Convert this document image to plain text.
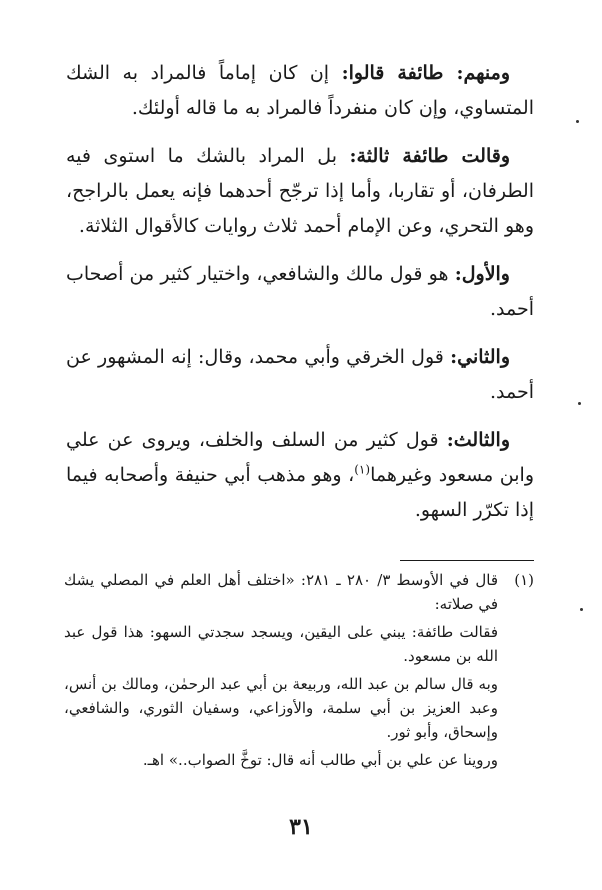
ومنهم: طائفة قالوا: إن كان إماماً فالمراد به الشك المتساوي، وإن كان منفرداً فالمراد به ما قاله أولئك.

وقالت طائفة ثالثة: بل المراد بالشك ما استوى فيه الطرفان، أو تقاربا، وأما إذا ترجّح أحدهما فإنه يعمل بالراجح، وهو التحري، وعن الإمام أحمد ثلاث روايات كالأقوال الثلاثة.

والأول: هو قول مالك والشافعي، واختيار كثير من أصحاب أحمد.

والثاني: قول الخرقي وأبي محمد، وقال: إنه المشهور عن أحمد.

والثالث: قول كثير من السلف والخلف، ويروى عن علي وابن مسعود وغيرهما$^{(١)}$، وهو مذهب أبي حنيفة وأصحابه فيما إذا تكرّر السهو.

(١)
قال في الأوسط ٣/ ٢٨٠ ـ ٢٨١: «اختلف أهل العلم في المصلي يشك في صلاته:

فقالت طائفة: يبني على اليقين، ويسجد سجدتي السهو: هذا قول عبد الله بن مسعود.

وبه قال سالم بن عبد الله، وربيعة بن أبي عبد الرحمٰن، ومالك بن أنس، وعبد العزيز بن أبي سلمة، والأوزاعي، وسفيان الثوري، والشافعي، وإسحاق، وأبو ثور.

وروينا عن علي بن أبي طالب أنه قال: توخَّ الصواب..» اهـ.

٣١
